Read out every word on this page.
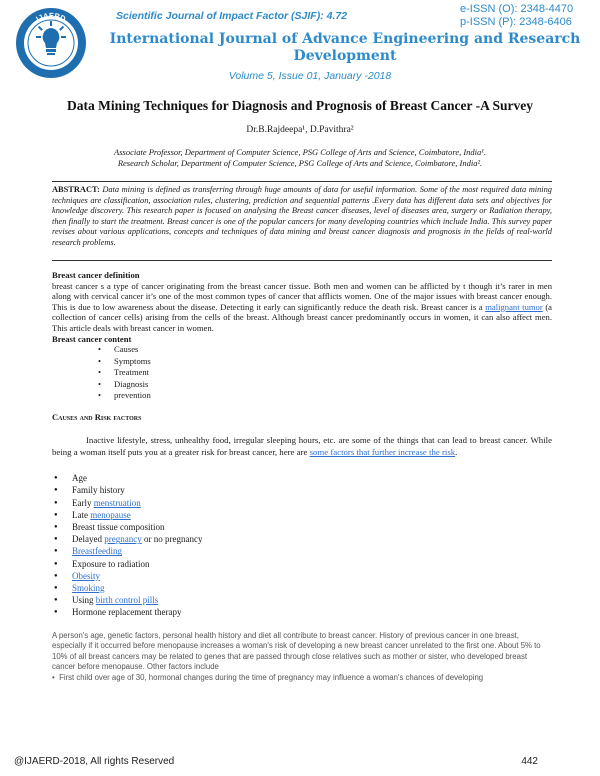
IJAERD	Scientific Journal of Impact Factor (SJIF): 4.72
e-ISSN (O): 2348-4470
p-ISSN (P): 2348-6406
International Journal of Advance Engineering and Research Development
Volume 5, Issue 01, January -2018
Data Mining Techniques for Diagnosis and Prognosis of Breast Cancer -A Survey
Dr.B.Rajdeepa¹, D.Pavithra²
Associate Professor, Department of Computer Science, PSG College of Arts and Science, Coimbatore, India¹.
Research Scholar, Department of Computer Science, PSG College of Arts and Science, Coimbatore, India².
ABSTRACT: Data mining is defined as transferring through huge amounts of data for useful information. Some of the most required data mining techniques are classification, association rules, clustering, prediction and sequential patterns .Every data has different data sets and objectives for knowledge discovery. This research paper is focused on analysing the Breast cancer diseases, level of diseases area, surgery or Radiation therapy, then finally to start the treatment. Breast cancer is one of the popular cancers for many developing countries which include India. This survey paper revises about various applications, concepts and techniques of data mining and breast cancer diagnosis and prognosis in the fields of real-world research problems.
Breast cancer definition
breast cancer s a type of cancer originating from the breast cancer tissue. Both men and women can be afflicted by t though it’s rarer in men along with cervical cancer it’s one of the most common types of cancer that afflicts women. One of the major issues with breast cancer enough. This is due to low awareness about the disease. Detecting it early can significantly reduce the death risk. Breast cancer is a malignant tumor (a collection of cancer cells) arising from the cells of the breast. Although breast cancer predominantly occurs in women, it can also affect men. This article deals with breast cancer in women.
Breast cancer content
• Causes
• Symptoms
• Treatment
• Diagnosis
• prevention
Causes and Risk factors
Inactive lifestyle, stress, unhealthy food, irregular sleeping hours, etc. are some of the things that can lead to breast cancer. While being a woman itself puts you at a greater risk for breast cancer, here are some factors that further increase the risk.
● Age
● Family history
● Early menstruation
● Late menopause
● Breast tissue composition
● Delayed pregnancy or no pregnancy
● Breastfeeding
● Exposure to radiation
● Obesity
● Smoking
● Using birth control pills
● Hormone replacement therapy
A person's age, genetic factors, personal health history and diet all contribute to breast cancer. History of previous cancer in one breast, especially if it occurred before menopause increases a woman's risk of developing a new breast cancer unrelated to the first one. About 5% to 10% of all breast cancers may be related to genes that are passed through close relatives such as mother or sister, who developed breast cancer before menopause. Other factors include
•  First child over age of 30, hormonal changes during the time of pregnancy may influence a woman's chances of developing
@IJAERD-2018, All rights Reserved	442
